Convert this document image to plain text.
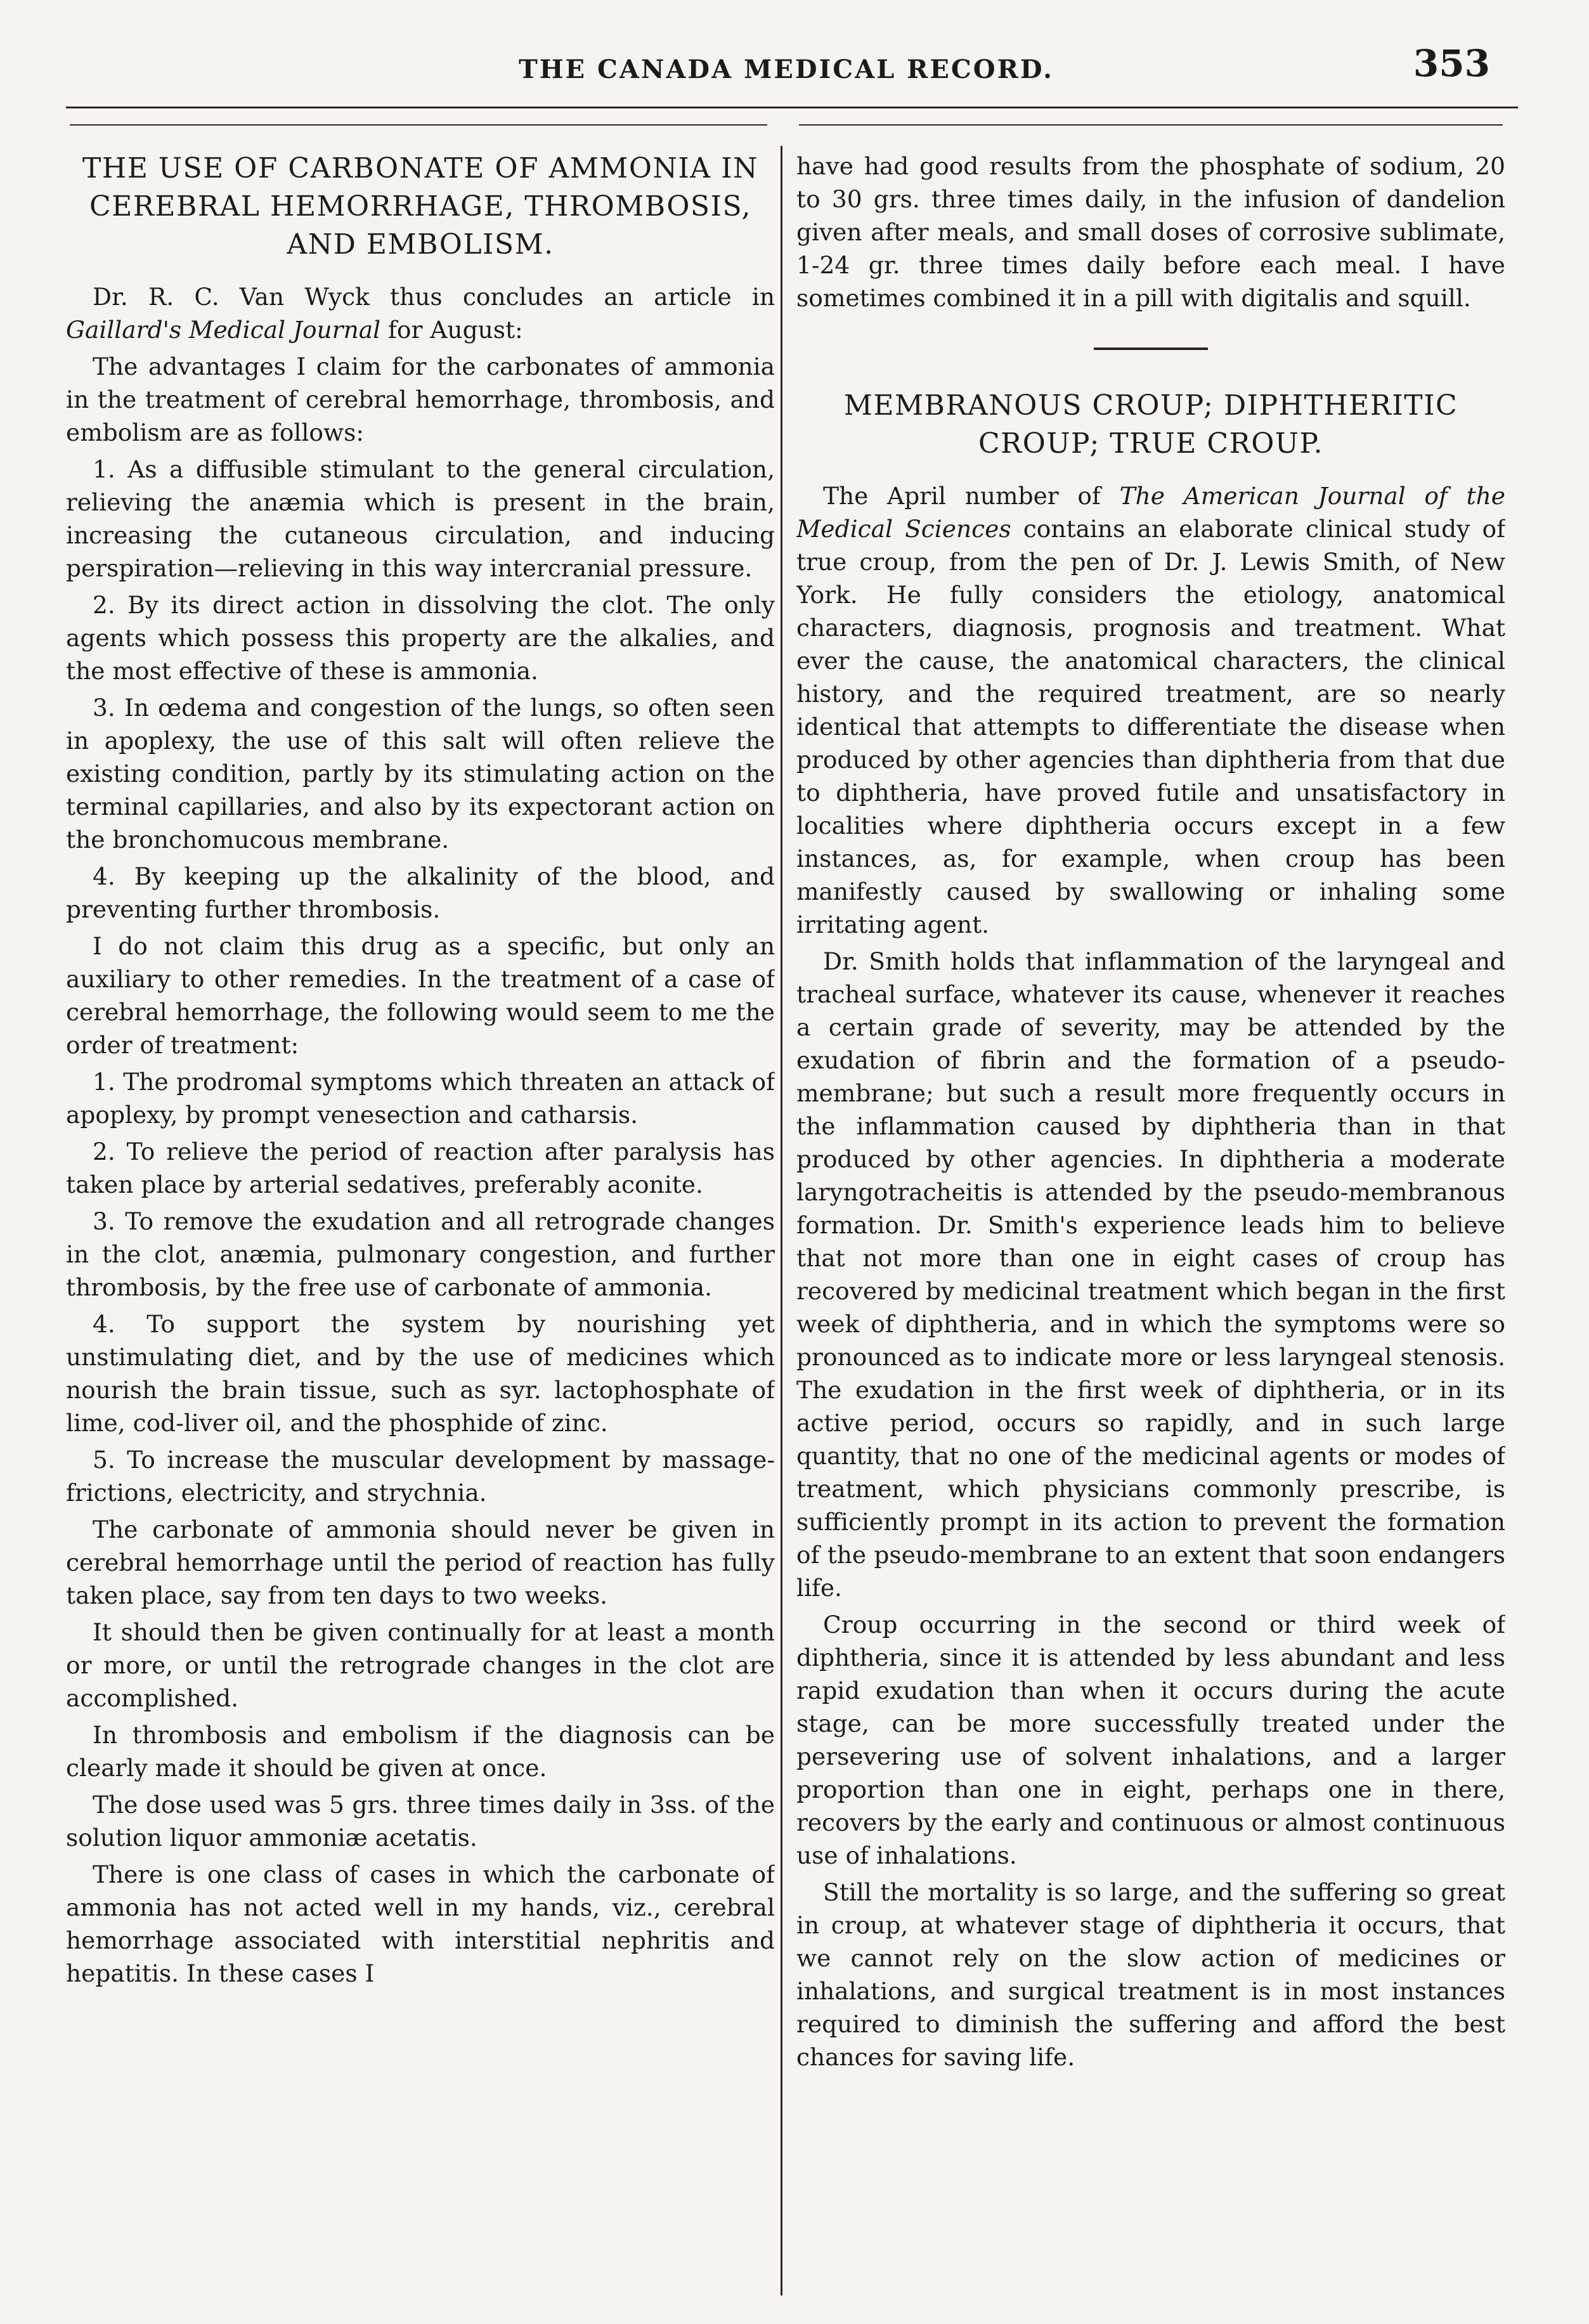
THE CANADA MEDICAL RECORD.	353
THE USE OF CARBONATE OF AMMONIA IN CEREBRAL HEMORRHAGE, THROMBOSIS, AND EMBOLISM.

Dr. R. C. Van Wyck thus concludes an article in Gaillard's Medical Journal for August:

The advantages I claim for the carbonates of ammonia in the treatment of cerebral hemorrhage, thrombosis, and embolism are as follows:

1. As a diffusible stimulant to the general circulation, relieving the anæmia which is present in the brain, increasing the cutaneous circulation, and inducing perspiration—relieving in this way intercranial pressure.

2. By its direct action in dissolving the clot. The only agents which possess this property are the alkalies, and the most effective of these is ammonia.

3. In œdema and congestion of the lungs, so often seen in apoplexy, the use of this salt will often relieve the existing condition, partly by its stimulating action on the terminal capillaries, and also by its expectorant action on the bronchomucous membrane.

4. By keeping up the alkalinity of the blood, and preventing further thrombosis.

I do not claim this drug as a specific, but only an auxiliary to other remedies. In the treatment of a case of cerebral hemorrhage, the following would seem to me the order of treatment:

1. The prodromal symptoms which threaten an attack of apoplexy, by prompt venesection and catharsis.

2. To relieve the period of reaction after paralysis has taken place by arterial sedatives, preferably aconite.

3. To remove the exudation and all retrograde changes in the clot, anæmia, pulmonary congestion, and further thrombosis, by the free use of carbonate of ammonia.

4. To support the system by nourishing yet unstimulating diet, and by the use of medicines which nourish the brain tissue, such as syr. lactophosphate of lime, cod-liver oil, and the phosphide of zinc.

5. To increase the muscular development by massage-frictions, electricity, and strychnia.

The carbonate of ammonia should never be given in cerebral hemorrhage until the period of reaction has fully taken place, say from ten days to two weeks.

It should then be given continually for at least a month or more, or until the retrograde changes in the clot are accomplished.

In thrombosis and embolism if the diagnosis can be clearly made it should be given at once.

The dose used was 5 grs. three times daily in 3ss. of the solution liquor ammoniæ acetatis.

There is one class of cases in which the carbonate of ammonia has not acted well in my hands, viz., cerebral hemorrhage associated with interstitial nephritis and hepatitis. In these cases I

have had good results from the phosphate of sodium, 20 to 30 grs. three times daily, in the infusion of dandelion given after meals, and small doses of corrosive sublimate, 1-24 gr. three times daily before each meal. I have sometimes combined it in a pill with digitalis and squill.

MEMBRANOUS CROUP; DIPHTHERITIC CROUP; TRUE CROUP.

The April number of The American Journal of the Medical Sciences contains an elaborate clinical study of true croup, from the pen of Dr. J. Lewis Smith, of New York. He fully considers the etiology, anatomical characters, diagnosis, prognosis and treatment. What ever the cause, the anatomical characters, the clinical history, and the required treatment, are so nearly identical that attempts to differentiate the disease when produced by other agencies than diphtheria from that due to diphtheria, have proved futile and unsatisfactory in localities where diphtheria occurs except in a few instances, as, for example, when croup has been manifestly caused by swallowing or inhaling some irritating agent.

Dr. Smith holds that inflammation of the laryngeal and tracheal surface, whatever its cause, whenever it reaches a certain grade of severity, may be attended by the exudation of fibrin and the formation of a pseudo-membrane; but such a result more frequently occurs in the inflammation caused by diphtheria than in that produced by other agencies. In diphtheria a moderate laryngotracheitis is attended by the pseudo-membranous formation. Dr. Smith's experience leads him to believe that not more than one in eight cases of croup has recovered by medicinal treatment which began in the first week of diphtheria, and in which the symptoms were so pronounced as to indicate more or less laryngeal stenosis. The exudation in the first week of diphtheria, or in its active period, occurs so rapidly, and in such large quantity, that no one of the medicinal agents or modes of treatment, which physicians commonly prescribe, is sufficiently prompt in its action to prevent the formation of the pseudo-membrane to an extent that soon endangers life.

Croup occurring in the second or third week of diphtheria, since it is attended by less abundant and less rapid exudation than when it occurs during the acute stage, can be more successfully treated under the persevering use of solvent inhalations, and a larger proportion than one in eight, perhaps one in there, recovers by the early and continuous or almost continuous use of inhalations.

Still the mortality is so large, and the suffering so great in croup, at whatever stage of diphtheria it occurs, that we cannot rely on the slow action of medicines or inhalations, and surgical treatment is in most instances required to diminish the suffering and afford the best chances for saving life.
